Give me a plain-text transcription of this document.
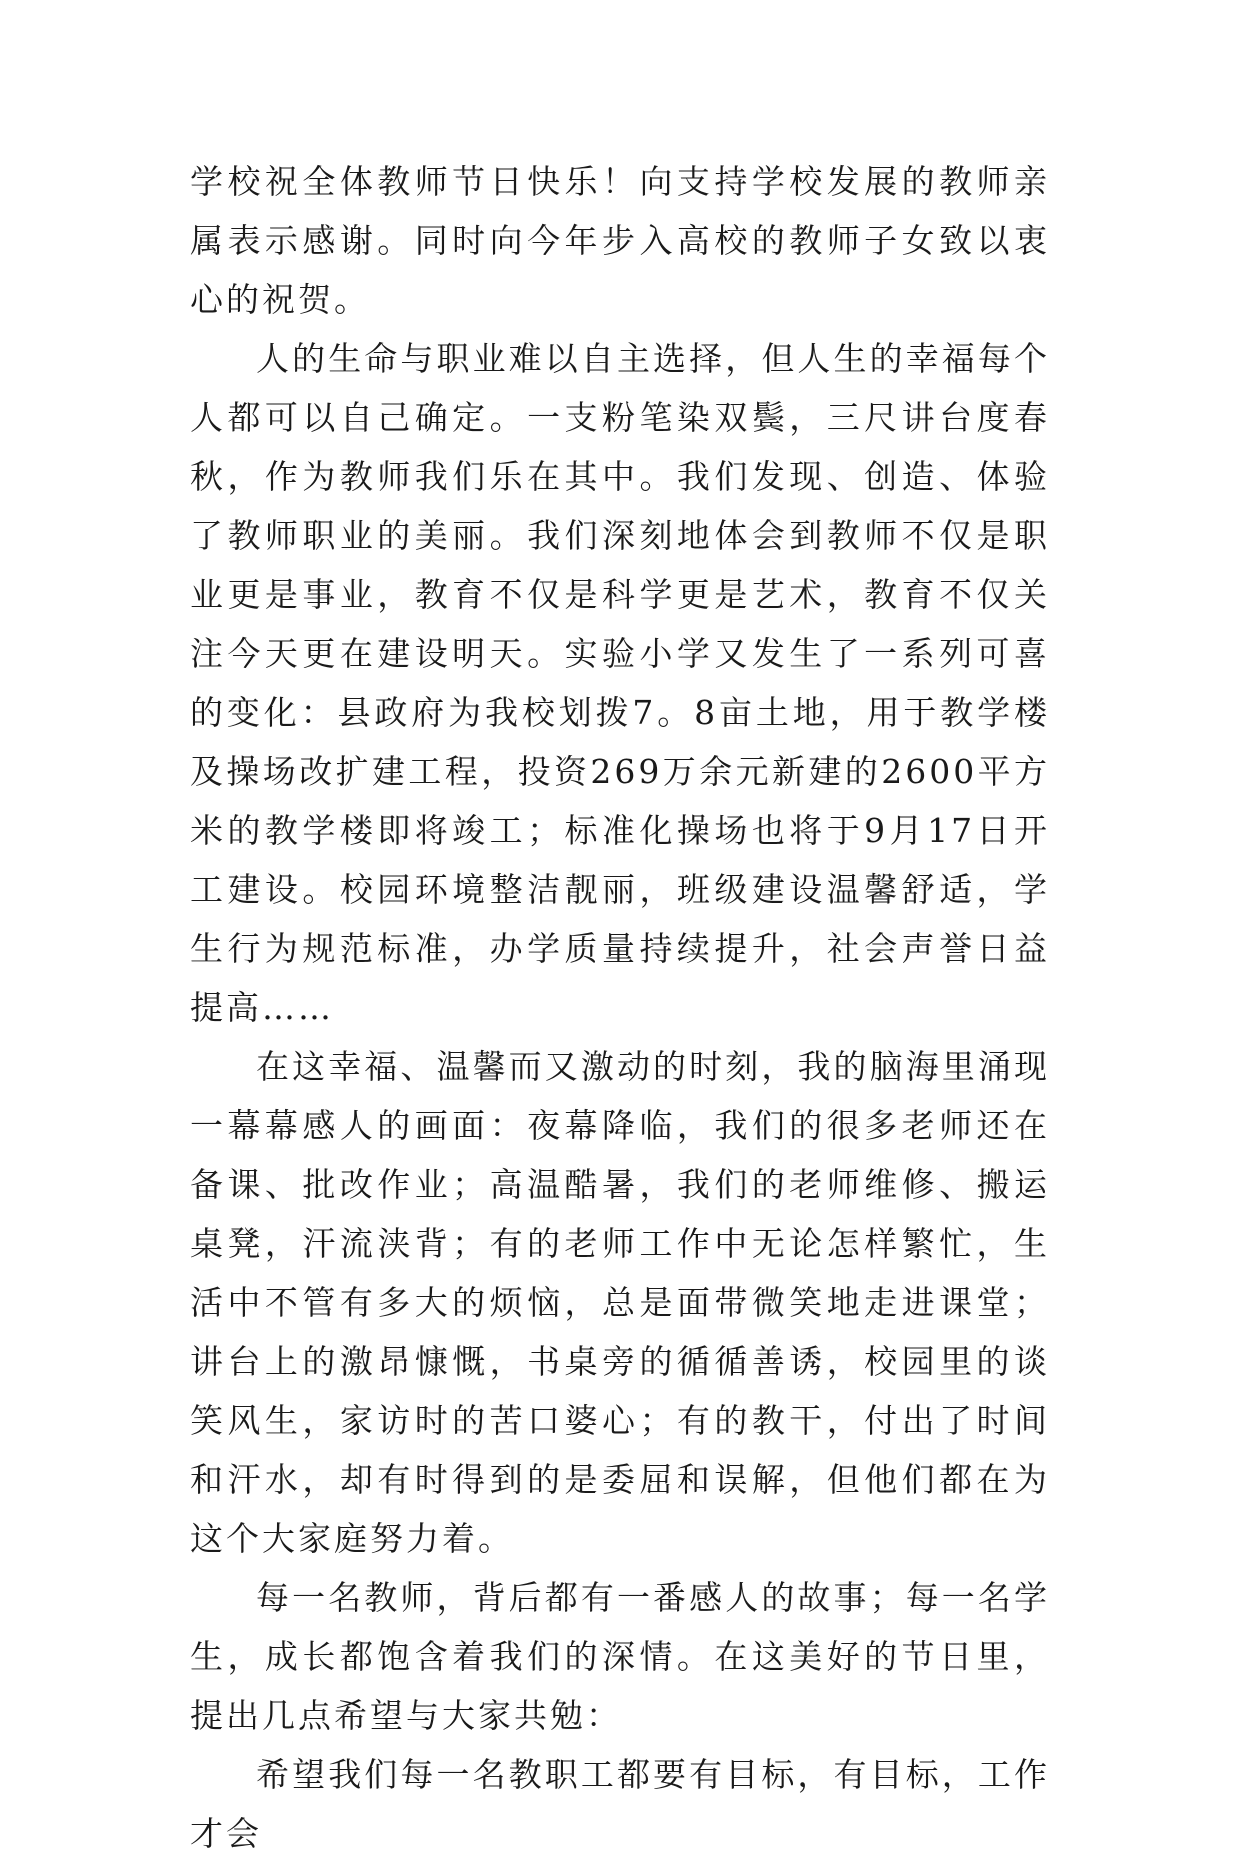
学校祝全体教师节日快乐！向支持学校发展的教师亲属表示感谢。同时向今年步入高校的教师子女致以衷心的祝贺。

人的生命与职业难以自主选择，但人生的幸福每个人都可以自己确定。一支粉笔染双鬓，三尺讲台度春秋，作为教师我们乐在其中。我们发现、创造、体验了教师职业的美丽。我们深刻地体会到教师不仅是职业更是事业，教育不仅是科学更是艺术，教育不仅关注今天更在建设明天。实验小学又发生了一系列可喜的变化：县政府为我校划拨7。8亩土地，用于教学楼及操场改扩建工程，投资269万余元新建的2600平方米的教学楼即将竣工；标准化操场也将于9月17日开工建设。校园环境整洁靓丽，班级建设温馨舒适，学生行为规范标准，办学质量持续提升，社会声誉日益提高……

在这幸福、温馨而又激动的时刻，我的脑海里涌现一幕幕感人的画面：夜幕降临，我们的很多老师还在备课、批改作业；高温酷暑，我们的老师维修、搬运桌凳，汗流浃背；有的老师工作中无论怎样繁忙，生活中不管有多大的烦恼，总是面带微笑地走进课堂；讲台上的激昂慷慨，书桌旁的循循善诱，校园里的谈笑风生，家访时的苦口婆心；有的教干，付出了时间和汗水，却有时得到的是委屈和误解，但他们都在为这个大家庭努力着。

每一名教师，背后都有一番感人的故事；每一名学生，成长都饱含着我们的深情。在这美好的节日里，提出几点希望与大家共勉：

希望我们每一名教职工都要有目标，有目标，工作才会
